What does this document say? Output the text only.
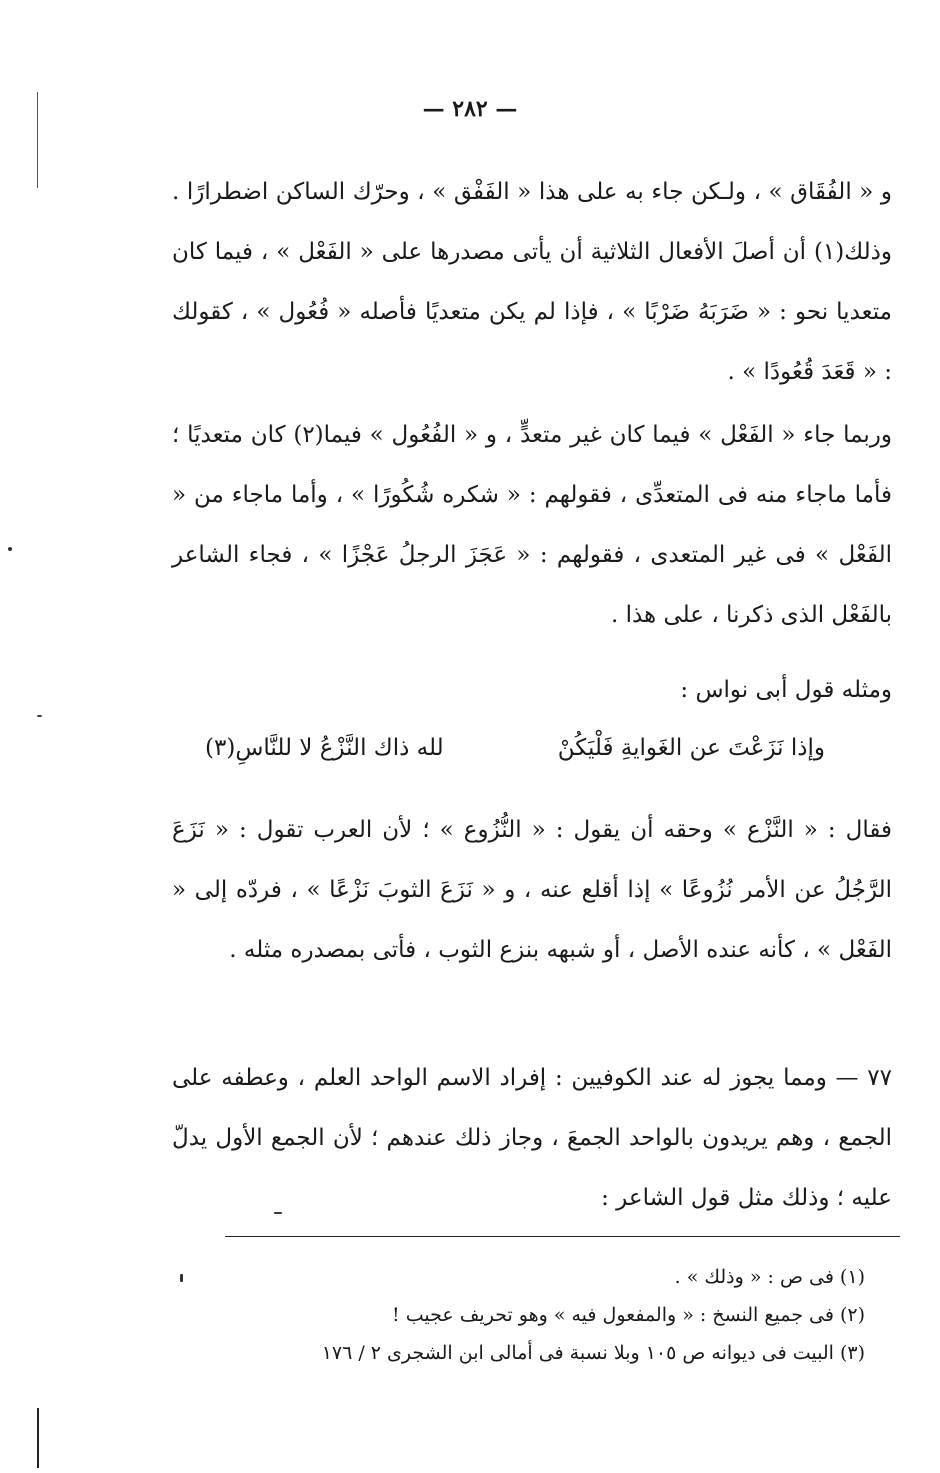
— ٢٨٢ —

و « الفُقَاق » ، ولـكن جاء به على هذا « الفَفْق » ، وحرّك الساكن اضطرارًا . وذلك(١) أن أصلَ الأفعال الثلاثية أن يأتى مصدرها على « الفَعْل » ، فيما كان متعديا نحو : « ضَرَبَهُ ضَرْبًا » ، فإذا لم يكن متعديًا فأصله « فُعُول » ، كقولك : « قَعَدَ قُعُودًا » .

وربما جاء « الفَعْل » فيما كان غير متعدٍّ ، و « الفُعُول » فيما(٢) كان متعديًا ؛ فأما ماجاء منه فى المتعدِّى ، فقولهم : « شكره شُكُورًا » ، وأما ماجاء من « الفَعْل » فى غير المتعدى ، فقولهم : « عَجَزَ الرجلُ عَجْزًا » ، فجاء الشاعر بالفَعْل الذى ذكرنا ، على هذا .

ومثله قول أبى نواس :

وإذا نَزَعْتَ عن الغَوايةِ فَلْيَكُنْ
لله ذاك النَّزْعُ لا للنَّاسِ(٣)

فقال : « النَّزْع » وحقه أن يقول : « النُّزُوع » ؛ لأن العرب تقول : « نَزَعَ الرَّجُلُ عن الأمر نُزُوعًا » إذا أقلع عنه ، و « نَزَعَ الثوبَ نَزْعًا » ، فردّه إلى « الفَعْل » ، كأنه عنده الأصل ، أو شبهه بنزع الثوب ، فأتى بمصدره مثله .

٧٧ — ومما يجوز له عند الكوفيين : إفراد الاسم الواحد العلم ، وعطفه على الجمع ، وهم يريدون بالواحد الجمعَ ، وجاز ذلك عندهم ؛ لأن الجمع الأول يدلّ عليه ؛ وذلك مثل قول الشاعر :

(١) فى ص : « وذلك » .
(٢) فى جميع النسخ : « والمفعول فيه » وهو تحريف عجيب !
(٣) البيت فى ديوانه ص ١٠٥ وبلا نسبة فى أمالى ابن الشجرى ٢ / ١٧٦
